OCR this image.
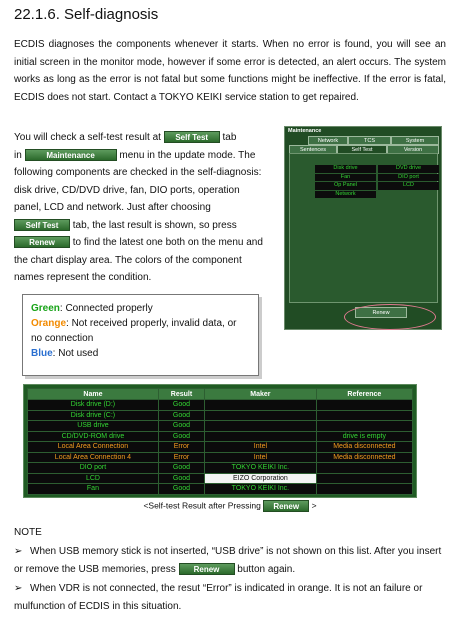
22.1.6. Self-diagnosis
ECDIS diagnoses the components whenever it starts. When no error is found, you will see an initial screen in the monitor mode, however if some error is detected, an alert occurs. The system works as long as the error is not fatal but some functions might be ineffective. If the error is fatal, ECDIS does not start. Contact a TOKYO KEIKI service station to get repaired.
You will check a self-test result at Self Test tab
in	Maintenance menu in the update mode. The following components are checked in the self-diagnosis: disk drive, CD/DVD drive, fan, DIO ports, operation panel, LCD and network. Just after choosing Self Test tab, the last result is shown, so press Renew to find the latest one both on the menu and the chart display area. The colors of the component names represent the condition.
Maintenance
Network	TCS	System
Sentences	Self Test	Version
Disk drive	DVD drive
Fan	DIO port
Op Panel	LCD
Network
Renew
Green: Connected properly
Orange: Not received properly, invalid data, or no connection
Blue: Not used
Name	Result	Maker	Reference
Disk drive (D:)	Good		
Disk drive (C:)	Good		
USB drive	Good		
CD/DVD-ROM drive	Good		drive is empty
Local Area Connection	Error	Intel	Media disconnected
Local Area Connection 4	Error	Intel	Media disconnected
DIO port	Good	TOKYO KEIKI Inc.	
LCD	Good	EIZO Corporation	
Fan	Good	TOKYO KEIKI Inc.	
<Self-test Result after Pressing Renew >
NOTE
➢ When USB memory stick is not inserted, “USB drive” is not shown on this list. After you insert or remove the USB memories, press Renew button again.
➢ When VDR is not connected, the resut “Error” is indicated in orange. It is not an failure or mulfunction of ECDIS in this situation.
